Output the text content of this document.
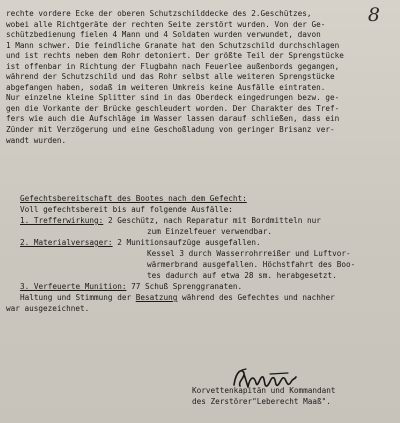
8
rechte vordere Ecke der oberen Schutzschilddecke des 2.Geschützes,
wobei alle Richtgeräte der rechten Seite zerstört wurden. Von der Ge-
schützbedienung fielen 4 Mann und 4 Soldaten wurden verwundet, davon
1 Mann schwer. Die feindliche Granate hat den Schutzschild durchschlagen
und ist rechts neben dem Rohr detoniert. Der größte Teil der Sprengstücke
ist offenbar in Richtung der Flugbahn nach Feuerlee außenbords gegangen,
während der Schutzschild und das Rohr selbst alle weiteren Sprengstücke
abgefangen haben, sodaß im weiteren Umkreis keine Ausfälle eintraten.
Nur einzelne kleine Splitter sind in das Oberdeck eingedrungen bezw. ge-
gen die Vorkante der Brücke geschleudert worden. Der Charakter des Tref-
fers wie auch die Aufschläge im Wasser lassen darauf schließen, dass ein
Zünder mit Verzögerung und eine Geschoßladung von geringer Brisanz ver-
wandt wurden.
Gefechtsbereitschaft des Bootes nach dem Gefecht:
Voll gefechtsbereit bis auf folgende Ausfälle:
1. Trefferwirkung: 2 Geschütz, nach Reparatur mit Bordmitteln nur
zum Einzelfeuer verwendbar.
2. Materialversager: 2 Munitionsaufzüge ausgefallen.
Kessel 3 durch Wasserrohrreißer und Luftvor-
wärmerbrand ausgefallen. Höchstfahrt des Boo-
tes dadurch auf etwa 28 sm. herabgesetzt.
3. Verfeuerte Munition: 77 Schuß Sprenggranaten.
Haltung und Stimmung der Besatzung während des Gefechtes und nachher
war ausgezeichnet.
Korvettenkapitän und Kommandant
des Zerstörer"Leberecht Maaß".
